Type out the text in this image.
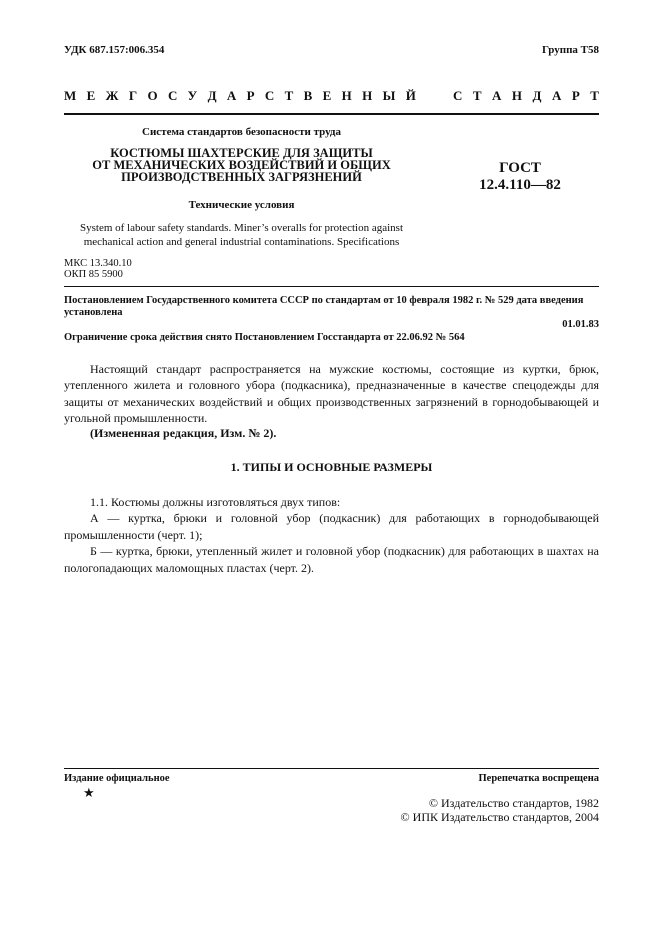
УДК 687.157:006.354	Группа Т58
М Е Ж Г О С У Д А Р С Т В Е Н Н Ы Й	С Т А Н Д А Р Т
Система стандартов безопасности труда
КОСТЮМЫ ШАХТЕРСКИЕ ДЛЯ ЗАЩИТЫ
ОТ МЕХАНИЧЕСКИХ ВОЗДЕЙСТВИЙ И ОБЩИХ
ПРОИЗВОДСТВЕННЫХ ЗАГРЯЗНЕНИЙ
Технические условия
System of labour safety standards. Miner’s overalls for protection against
mechanical action and general industrial contaminations. Specifications
ГОСТ
12.4.110—82
МКС 13.340.10
ОКП 85 5900
Постановлением Государственного комитета СССР по стандартам от 10 февраля 1982 г. № 529 дата введения установлена
01.01.83
Ограничение срока действия снято Постановлением Госстандарта от 22.06.92 № 564
Настоящий стандарт распространяется на мужские костюмы, состоящие из куртки, брюк, утепленного жилета и головного убора (подкасника), предназначенные в качестве спецодежды для защиты от механических воздействий и общих производственных загрязнений в горнодобывающей и угольной промышленности.
(Измененная редакция, Изм. № 2).
1. ТИПЫ И ОСНОВНЫЕ РАЗМЕРЫ
1.1. Костюмы должны изготовляться двух типов:
А — куртка, брюки и головной убор (подкасник) для работающих в горнодобывающей промышленности (черт. 1);
Б — куртка, брюки, утепленный жилет и головной убор (подкасник) для работающих в шахтах на пологопадающих маломощных пластах (черт. 2).
Издание официальное
★
Перепечатка воспрещена
© Издательство стандартов, 1982
© ИПК Издательство стандартов, 2004
